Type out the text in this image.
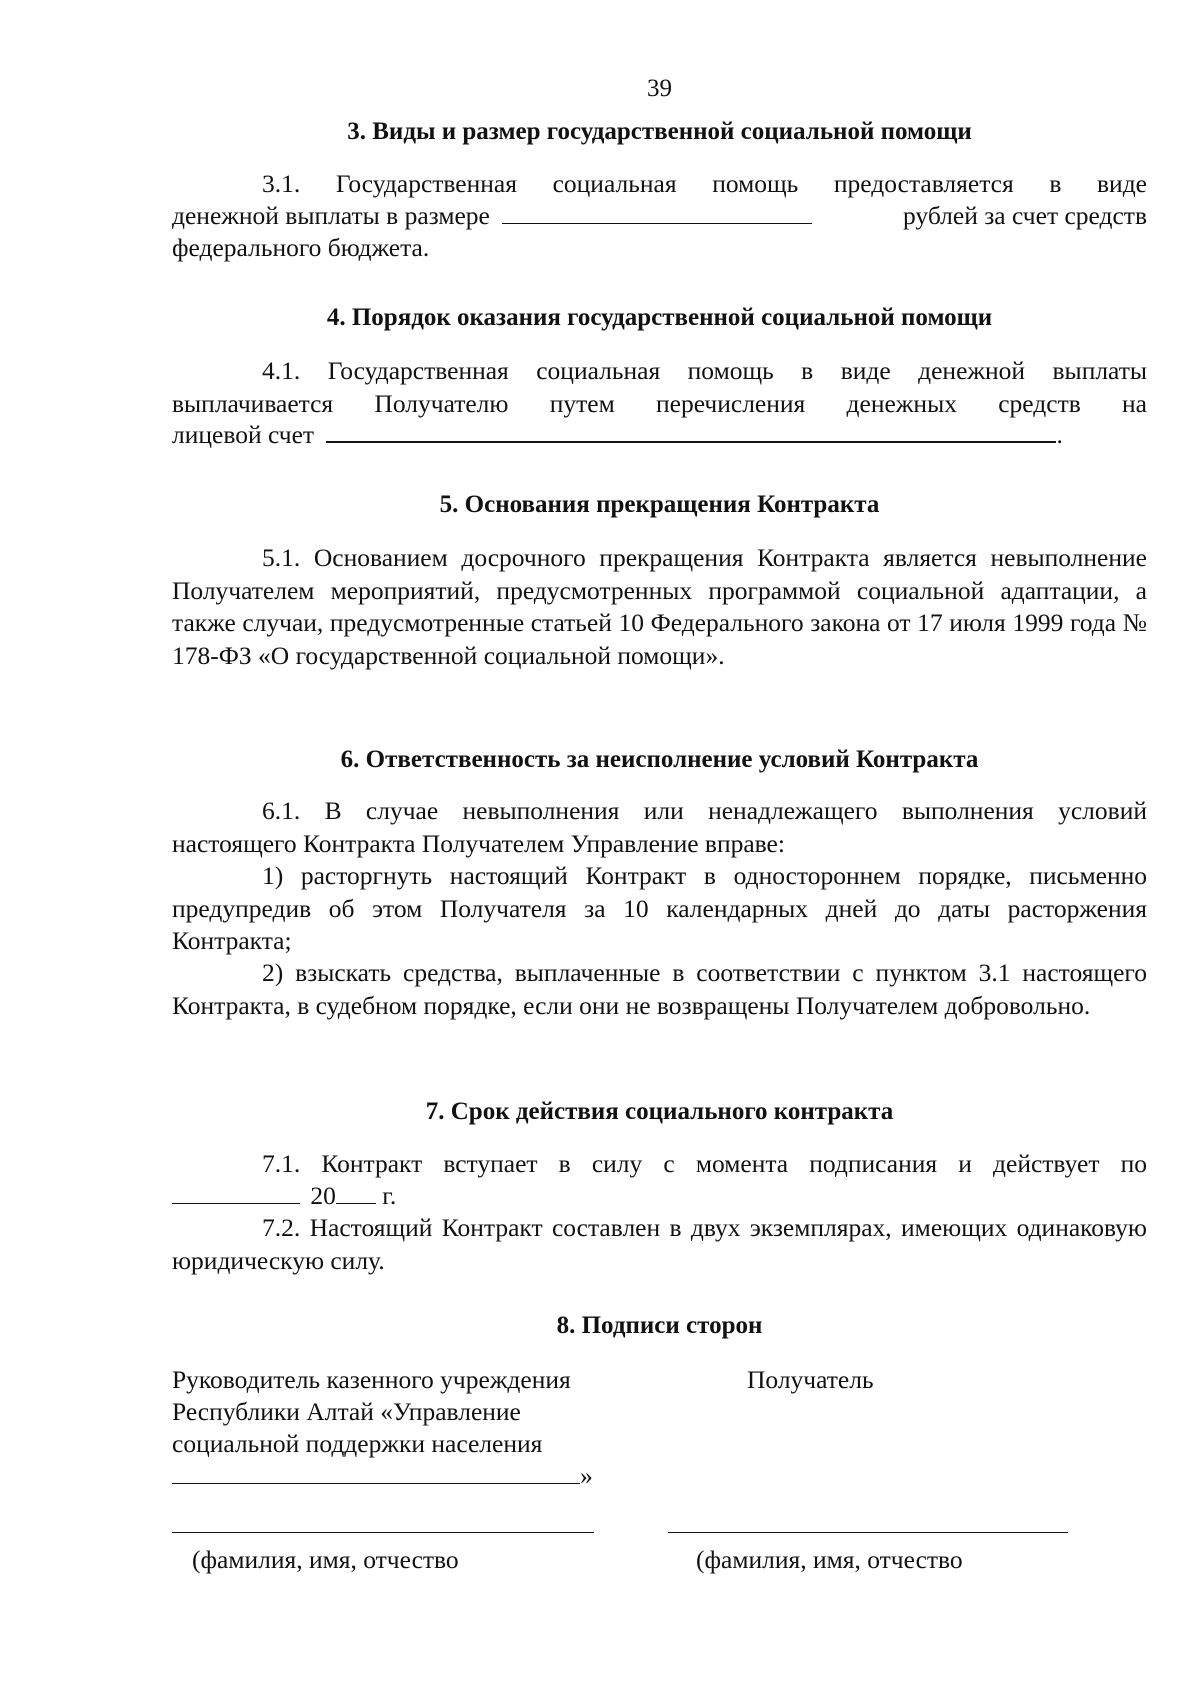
39
3. Виды и размер государственной социальной помощи
3.1. Государственная социальная помощь предоставляется в виде
денежной выплаты в размере	рублей за счет средств
федерального бюджета.
4. Порядок оказания государственной социальной помощи
4.1. Государственная социальная помощь в виде денежной выплаты выплачивается Получателю путем перечисления денежных средств на
лицевой счет	.
5. Основания прекращения Контракта
5.1. Основанием досрочного прекращения Контракта является невыполнение Получателем мероприятий, предусмотренных программой социальной адаптации, а также случаи, предусмотренные статьей 10 Федерального закона от 17 июля 1999 года № 178-ФЗ «О государственной социальной помощи».
6. Ответственность за неисполнение условий Контракта
6.1. В случае невыполнения или ненадлежащего выполнения условий настоящего Контракта Получателем Управление вправе:
1) расторгнуть настоящий Контракт в одностороннем порядке, письменно предупредив об этом Получателя за 10 календарных дней до даты расторжения Контракта;
2) взыскать средства, выплаченные в соответствии с пунктом 3.1 настоящего Контракта, в судебном порядке, если они не возвращены Получателем добровольно.
7. Срок действия социального контракта
7.1. Контракт вступает в силу с момента подписания и действует по
20 г.
7.2. Настоящий Контракт составлен в двух экземплярах, имеющих одинаковую юридическую силу.
8. Подписи сторон
Руководитель казенного учреждения
Республики Алтай «Управление
социальной поддержки населения
»
Получатель
(фамилия, имя, отчество	(фамилия, имя, отчество
